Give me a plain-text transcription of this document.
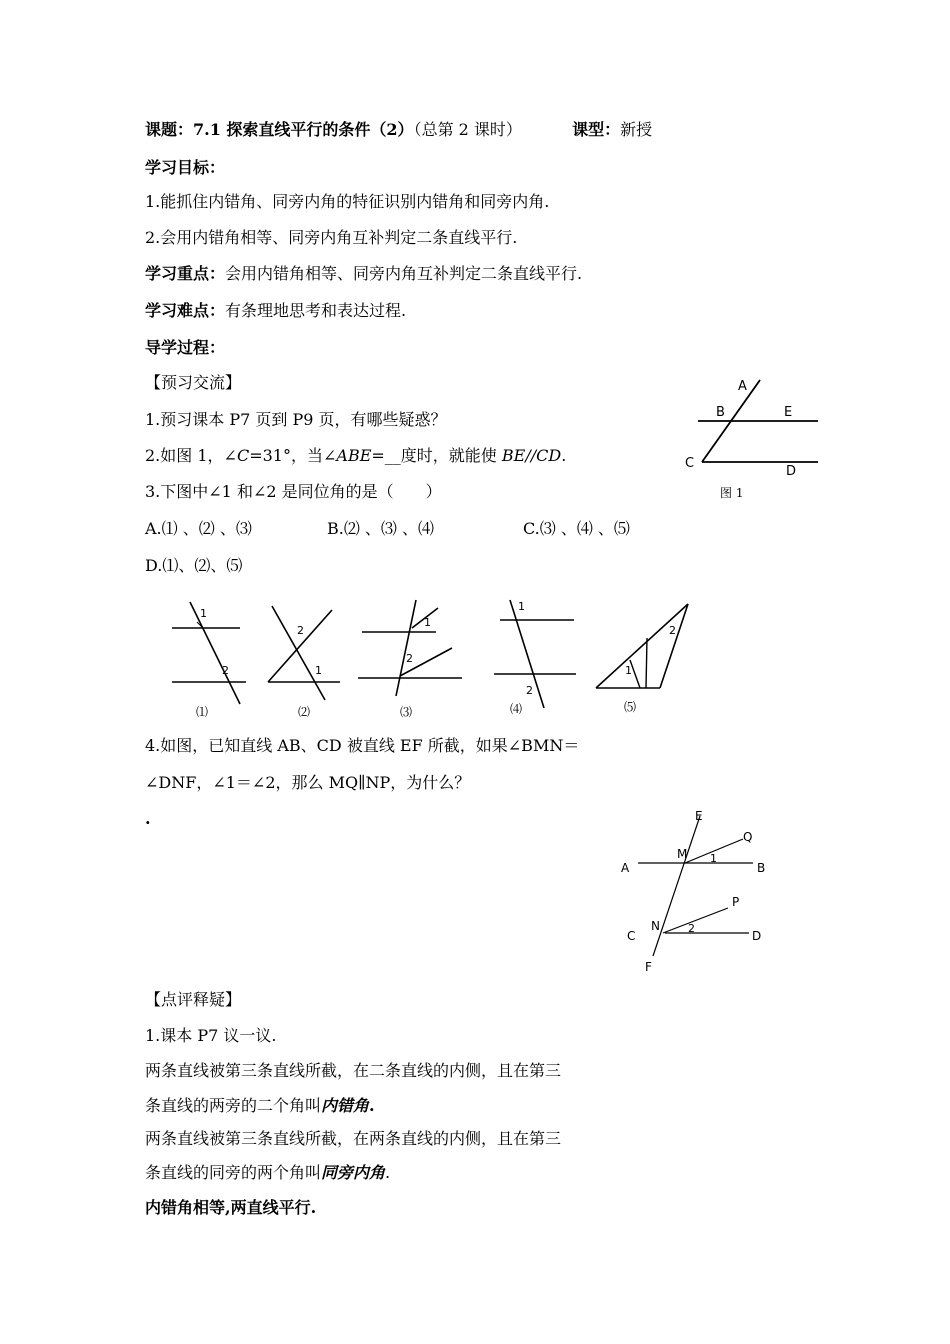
课题：7.1 探索直线平行的条件（2）（总第 2 课时）	课型：新授
学习目标：
1.能抓住内错角、同旁内角的特征识别内错角和同旁内角.
2.会用内错角相等、同旁内角互补判定二条直线平行.
学习重点：会用内错角相等、同旁内角互补判定二条直线平行.
学习难点：有条理地思考和表达过程.
导学过程：
【预习交流】
1.预习课本 P7 页到 P9 页，有哪些疑惑？
2.如图 1，∠C=31°，当∠ABE=__度时，就能使 BE//CD.
3.下图中∠1 和∠2 是同位角的是（　　）
A.⑴ 、⑵ 、⑶	B.⑵ 、⑶ 、⑷	C.⑶ 、⑷ 、⑸
D.⑴、⑵、⑸
A
B	E
C
D
图 1
1
2
⑴
2
1
⑵
1
2
⑶
1
2
⑷
1
2
⑸
4.如图，已知直线 AB、CD 被直线 EF 所截，如果∠BMN＝
∠DNF，∠1＝∠2，那么 MQ∥NP，为什么？
.	E
Q
M 1
A	B
P
N	2
C	D
F
【点评释疑】
1.课本 P7 议一议.
两条直线被第三条直线所截，在二条直线的内侧，且在第三
条直线的两旁的二个角叫内错角.
两条直线被第三条直线所截，在两条直线的内侧，且在第三
条直线的同旁的两个角叫同旁内角.
内错角相等,两直线平行.
